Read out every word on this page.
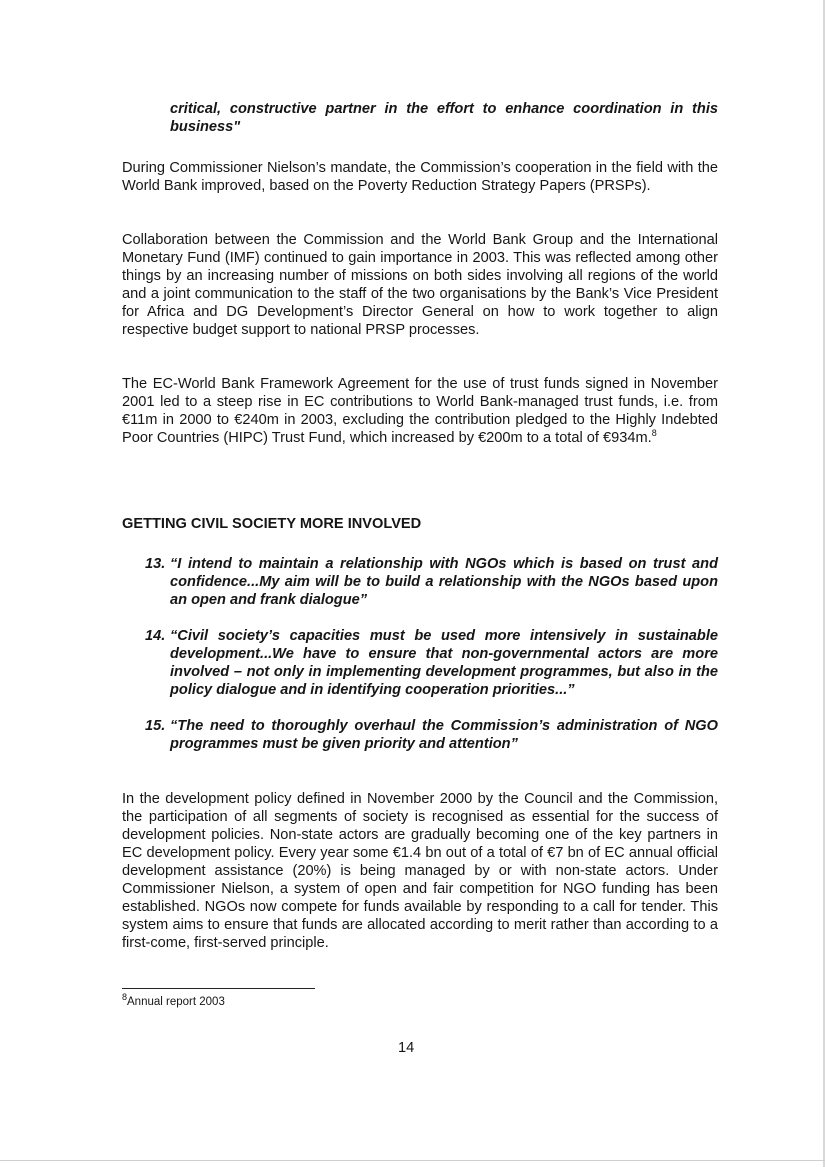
critical, constructive partner in the effort to enhance coordination in this business"

During Commissioner Nielson’s mandate, the Commission’s cooperation in the field with the World Bank improved, based on the Poverty Reduction Strategy Papers (PRSPs).

Collaboration between the Commission and the World Bank Group and the International Monetary Fund (IMF) continued to gain importance in 2003. This was reflected among other things by an increasing number of missions on both sides involving all regions of the world and a joint communication to the staff of the two organisations by the Bank’s Vice President for Africa and DG Development’s Director General on how to work together to align respective budget support to national PRSP processes.

The EC-World Bank Framework Agreement for the use of trust funds signed in November 2001 led to a steep rise in EC contributions to World Bank-managed trust funds, i.e. from €11m in 2000 to €240m in 2003, excluding the contribution pledged to the Highly Indebted Poor Countries (HIPC) Trust Fund, which increased by €200m to a total of €934m.$^8$

GETTING CIVIL SOCIETY MORE INVOLVED

13. “I intend to maintain a relationship with NGOs which is based on trust and confidence...My aim will be to build a relationship with the NGOs based upon an open and frank dialogue”
14. “Civil society’s capacities must be used more intensively in sustainable development...We have to ensure that non-governmental actors are more involved – not only in implementing development programmes, but also in the policy dialogue and in identifying cooperation priorities...”
15. “The need to thoroughly overhaul the Commission’s administration of NGO programmes must be given priority and attention”

In the development policy defined in November 2000 by the Council and the Commission, the participation of all segments of society is recognised as essential for the success of development policies. Non-state actors are gradually becoming one of the key partners in EC development policy. Every year some €1.4 bn out of a total of €7 bn of EC annual official development assistance (20%) is being managed by or with non-state actors. Under Commissioner Nielson, a system of open and fair competition for NGO funding has been established. NGOs now compete for funds available by responding to a call for tender. This system aims to ensure that funds are allocated according to merit rather than according to a first-come, first-served principle.

$^8$Annual report 2003
14
